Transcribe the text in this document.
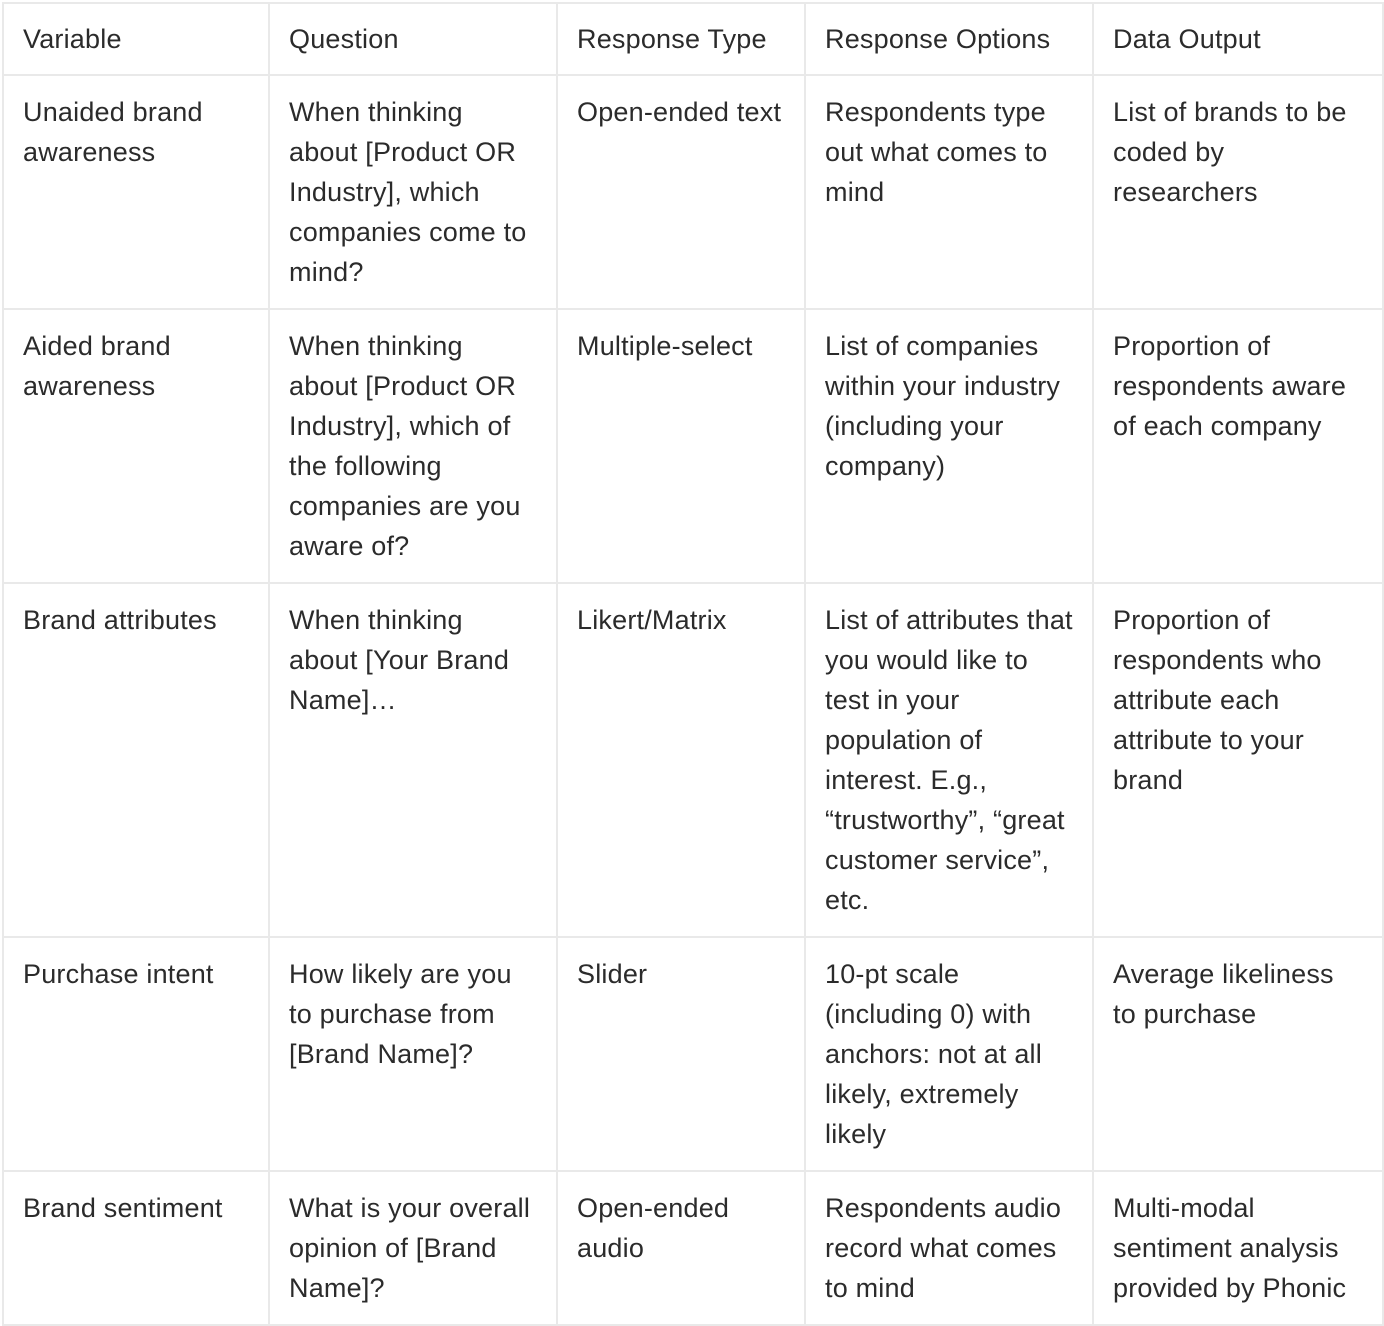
Variable	Question	Response Type	Response Options	Data Output
Unaided brand awareness	When thinking about [Product OR Industry], which companies come to mind?	Open-ended text	Respondents type out what comes to mind	List of brands to be coded by researchers
Aided brand awareness	When thinking about [Product OR Industry], which of the following companies are you aware of?	Multiple-select	List of companies within your industry (including your company)	Proportion of respondents aware of each company
Brand attributes	When thinking about [Your Brand Name]…	Likert/Matrix	List of attributes that you would like to test in your population of interest. E.g., “trustworthy”, “great customer service”, etc.	Proportion of respondents who attribute each attribute to your brand
Purchase intent	How likely are you to purchase from [Brand Name]?	Slider	10-pt scale (including 0) with anchors: not at all likely, extremely likely	Average likeliness to purchase
Brand sentiment	What is your overall opinion of [Brand Name]?	Open-ended audio	Respondents audio record what comes to mind	Multi-modal sentiment analysis provided by Phonic
